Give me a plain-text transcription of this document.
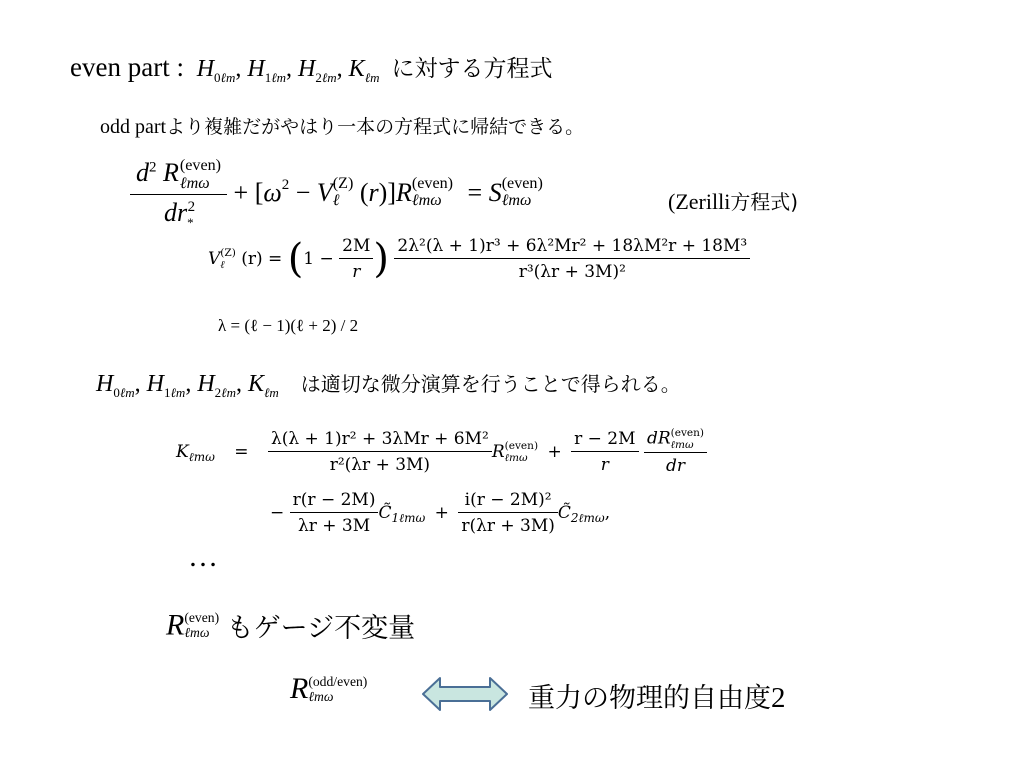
even part : $H_{0\ell m}$, $H_{1\ell m}$, $H_{2\ell m}$, $K_{\ell m}$ に対する方程式
odd partより複雑だがやはり一本の方程式に帰結できる。
$d^2$ R (even)
ℓmω
$dr_*^2 + [\omega^2 - V$ (Z)
ℓ (r)]R (even)
ℓmω = S (even)
ℓmω	(Zerilli方程式)
V (Z)
ℓ $(r) = (1 - \frac{2M}{r}$ ) $\frac{\text{2λ²(λ + 1)r³ + 6λ²Mr² + 18λM²r + 18M³}}{\text{r³(λr + 3M)²}}$
λ = (ℓ − 1)(ℓ + 2) / 2
$H_{0\ell m}$, $H_{1\ell m}$, $H_{2\ell m}$, $K_{\ell m}$ は適切な微分演算を行うことで得られる。
$K_{\ell m\omega} = \frac{\text{λ(λ + 1)r² + 3λMr + 6M²}}{\text{r²(λr + 3M)}}$ R (even)
ℓmω	+ $\frac{r - 2M}{r}$
dR (even)
ℓmω
dr
− $\frac{r(r - 2M)}{\lambda r + 3M}$ $C̃_{1\ell m\omega} + \frac{\text{i(r − 2M)²}}{r(\lambda r + 3M)}$ $C̃_{2\ell m\omega}$,
…
R (even)
ℓmω もゲージ不変量
R (odd/even)
ℓmω	重力の物理的自由度2
